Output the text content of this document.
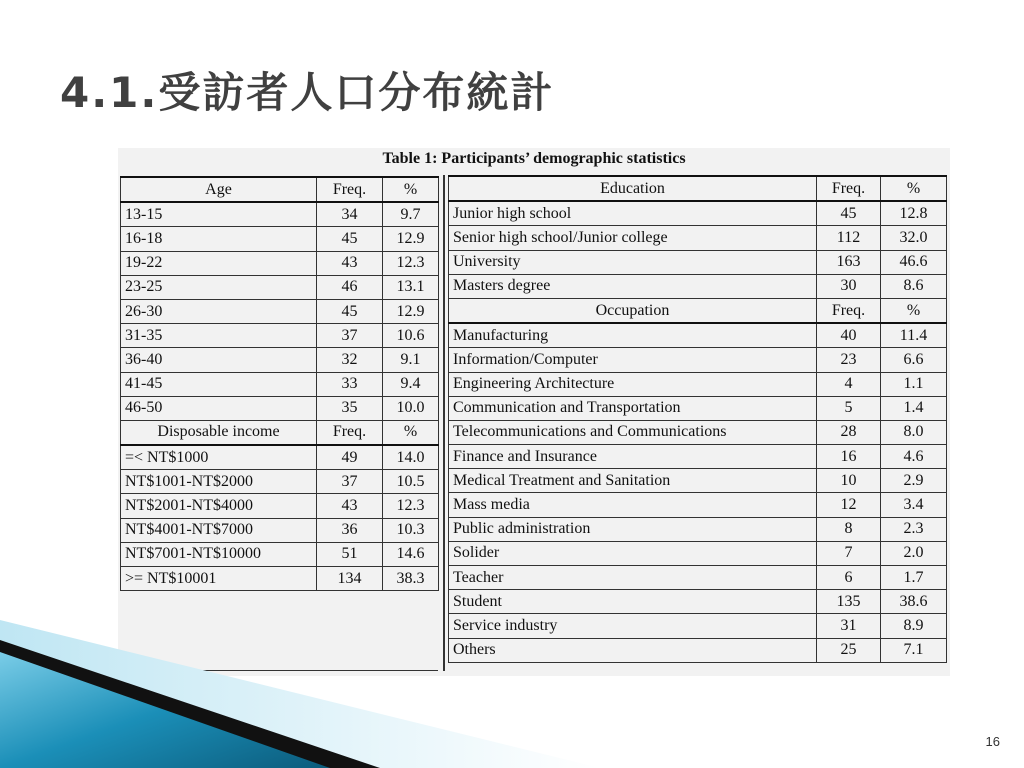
4.1.受訪者人口分布統計
Table 1: Participants’ demographic statistics
Age	Freq.	%
13-15	34	9.7
16-18	45	12.9
19-22	43	12.3
23-25	46	13.1
26-30	45	12.9
31-35	37	10.6
36-40	32	9.1
41-45	33	9.4
46-50	35	10.0
Disposable income	Freq.	%
=< NT$1000	49	14.0
NT$1001-NT$2000	37	10.5
NT$2001-NT$4000	43	12.3
NT$4001-NT$7000	36	10.3
NT$7001-NT$10000	51	14.6
>= NT$10001	134	38.3
Education	Freq.	%
Junior high school	45	12.8
Senior high school/Junior college	112	32.0
University	163	46.6
Masters degree	30	8.6
Occupation	Freq.	%
Manufacturing	40	11.4
Information/Computer	23	6.6
Engineering Architecture	4	1.1
Communication and Transportation	5	1.4
Telecommunications and Communications	28	8.0
Finance and Insurance	16	4.6
Medical Treatment and Sanitation	10	2.9
Mass media	12	3.4
Public administration	8	2.3
Solider	7	2.0
Teacher	6	1.7
Student	135	38.6
Service industry	31	8.9
Others	25	7.1
16
